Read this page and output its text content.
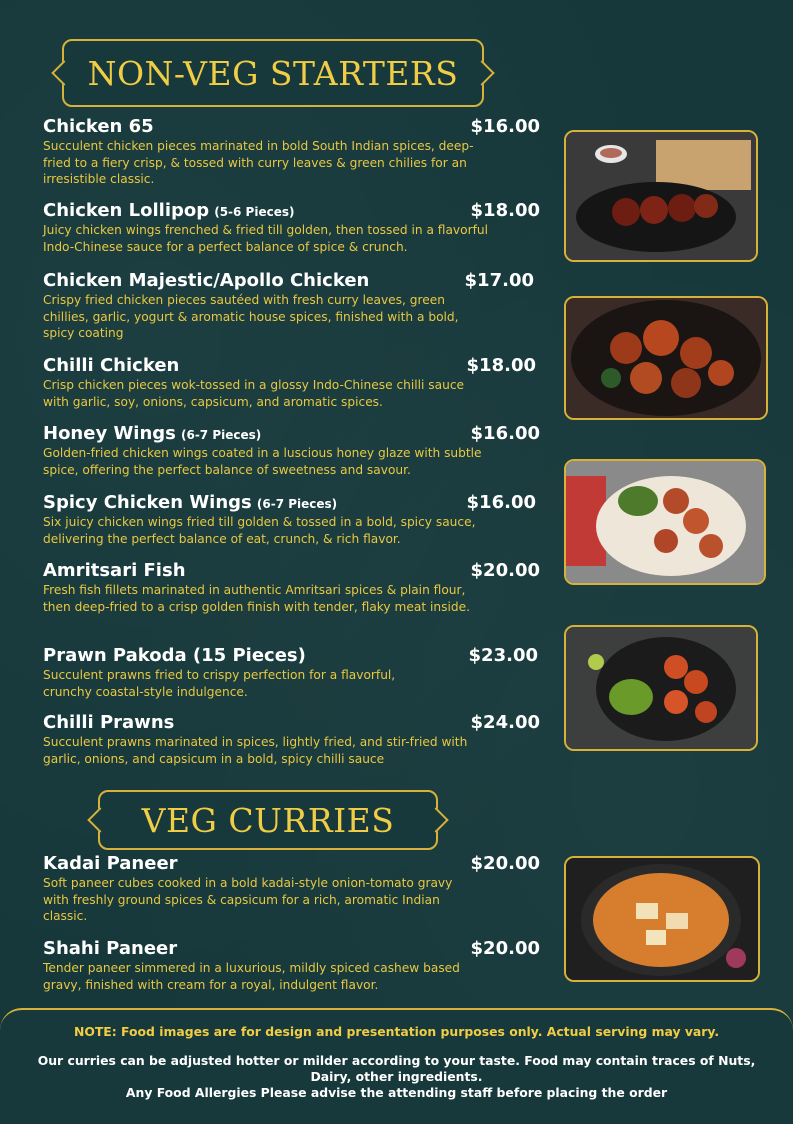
NON-VEG STARTERS
Chicken 65	$16.00
Succulent chicken pieces marinated in bold South Indian spices, deep-fried to a fiery crisp, & tossed with curry leaves & green chilies for an irresistible classic.
Chicken Lollipop (5-6 Pieces)	$18.00
Juicy chicken wings frenched & fried till golden, then tossed in a flavorful Indo-Chinese sauce for a perfect balance of spice & crunch.
Chicken Majestic/Apollo Chicken	$17.00
Crispy fried chicken pieces sautéed with fresh curry leaves, green chillies, garlic, yogurt & aromatic house spices, finished with a bold, spicy coating
Chilli Chicken	$18.00
Crisp chicken pieces wok-tossed in a glossy Indo-Chinese chilli sauce with garlic, soy, onions, capsicum, and aromatic spices.
Honey Wings (6-7 Pieces)	$16.00
Golden-fried chicken wings coated in a luscious honey glaze with subtle spice, offering the perfect balance of sweetness and savour.
Spicy Chicken Wings (6-7 Pieces)	$16.00
Six juicy chicken wings fried till golden & tossed in a bold, spicy sauce, delivering the perfect balance of eat, crunch, & rich flavor.
Amritsari Fish	$20.00
Fresh fish fillets marinated in authentic Amritsari spices & plain flour, then deep-fried to a crisp golden finish with tender, flaky meat inside.
Prawn Pakoda (15 Pieces)	$23.00
Succulent prawns fried to crispy perfection for a flavorful, crunchy coastal-style indulgence.
Chilli Prawns	$24.00
Succulent prawns marinated in spices, lightly fried, and stir-fried with garlic, onions, and capsicum in a bold, spicy chilli sauce
VEG CURRIES
Kadai Paneer	$20.00
Soft paneer cubes cooked in a bold kadai-style onion-tomato gravy with freshly ground spices & capsicum for a rich, aromatic Indian classic.
Shahi Paneer	$20.00
Tender paneer simmered in a luxurious, mildly spiced cashew based gravy, finished with cream for a royal, indulgent flavor.
NOTE: Food images are for design and presentation purposes only. Actual serving may vary.
Our curries can be adjusted hotter or milder according to your taste. Food may contain traces of Nuts, Dairy, other ingredients.
Any Food Allergies Please advise the attending staff before placing the order
